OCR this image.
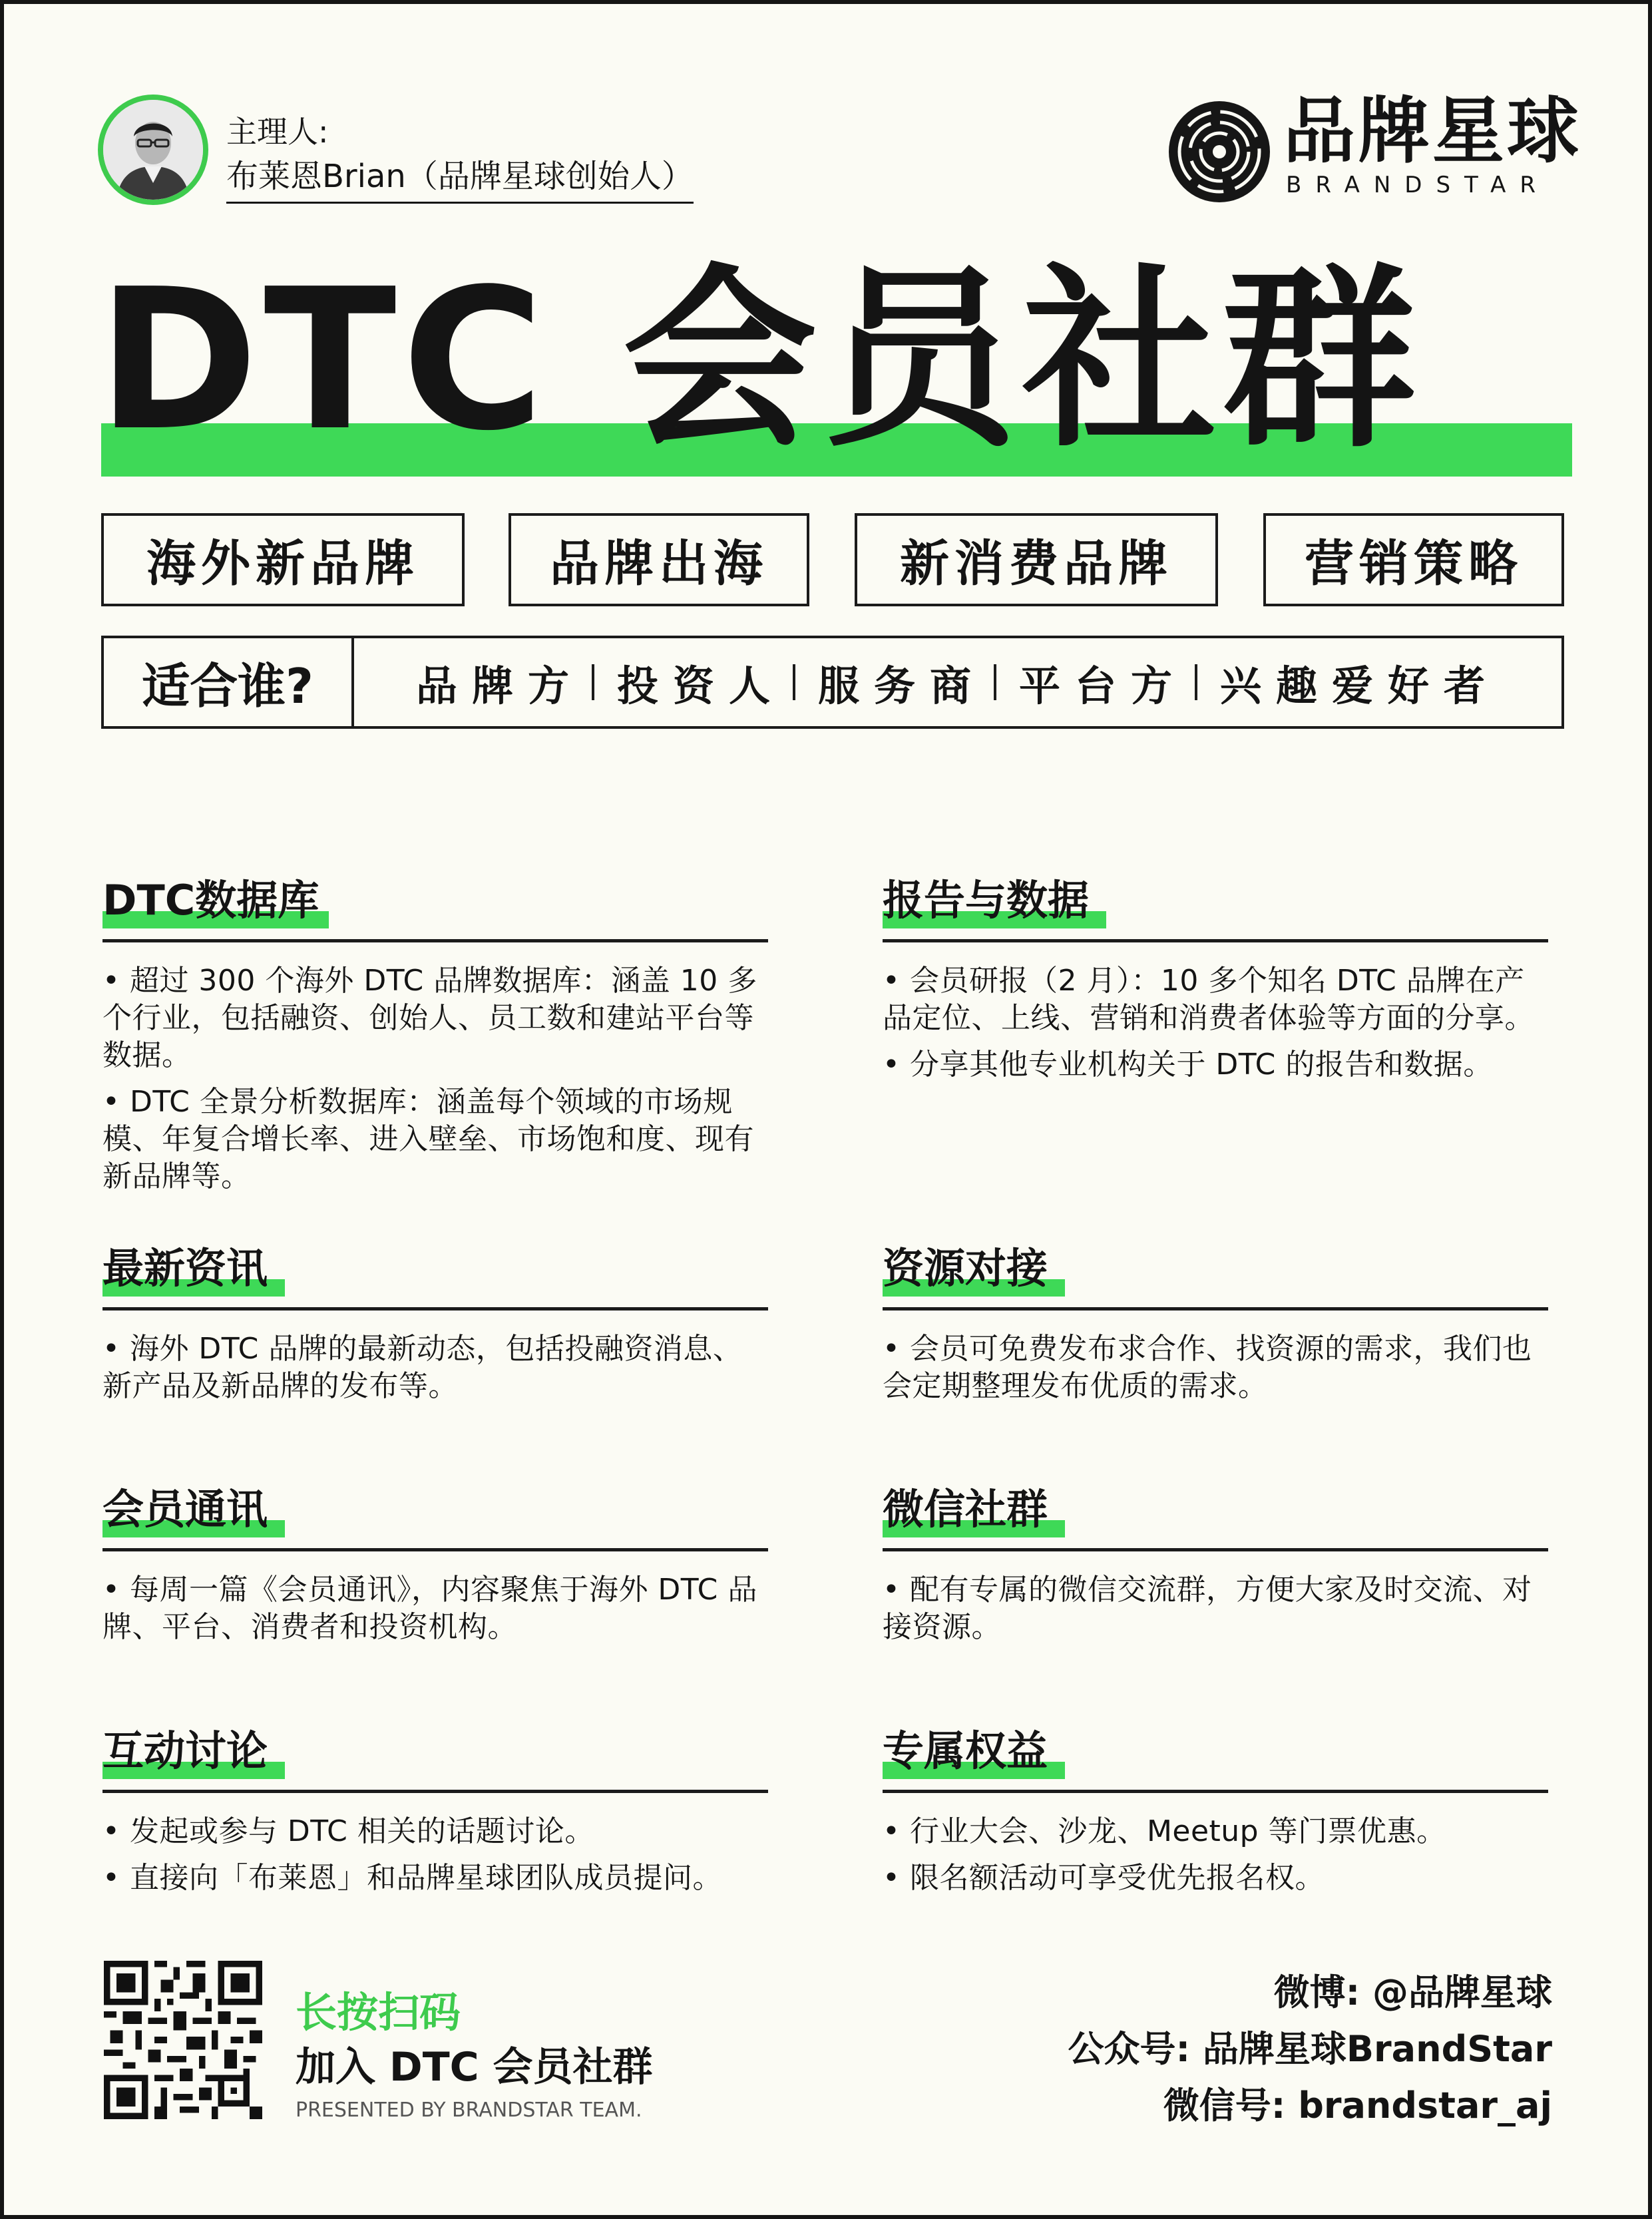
主理人:
布莱恩Brian（品牌星球创始人）
品牌星球
BRANDSTAR
DTC 会员社群
海外新品牌	品牌出海	新消费品牌	营销策略
适合谁?	品牌方 投资人 服务商 平台方 兴趣爱好者
DTC数据库

• 超过 300 个海外 DTC 品牌数据库：涵盖 10 多个行业，包括融资、创始人、员工数和建站平台等数据。

• DTC 全景分析数据库：涵盖每个领域的市场规模、年复合增长率、进入壁垒、市场饱和度、现有新品牌等。

报告与数据

• 会员研报（2 月）：10 多个知名 DTC 品牌在产品定位、上线、营销和消费者体验等方面的分享。

• 分享其他专业机构关于 DTC 的报告和数据。

最新资讯

• 海外 DTC 品牌的最新动态，包括投融资消息、新产品及新品牌的发布等。

资源对接

• 会员可免费发布求合作、找资源的需求，我们也会定期整理发布优质的需求。

会员通讯

• 每周一篇《会员通讯》，内容聚焦于海外 DTC 品牌、平台、消费者和投资机构。

微信社群

• 配有专属的微信交流群，方便大家及时交流、对接资源。

互动讨论

• 发起或参与 DTC 相关的话题讨论。

• 直接向「布莱恩」和品牌星球团队成员提问。

专属权益

• 行业大会、沙龙、Meetup 等门票优惠。

• 限名额活动可享受优先报名权。

长按扫码
加入 DTC 会员社群
PRESENTED BY BRANDSTAR TEAM.
微博: @品牌星球
公众号: 品牌星球BrandStar
微信号: brandstar_aj
